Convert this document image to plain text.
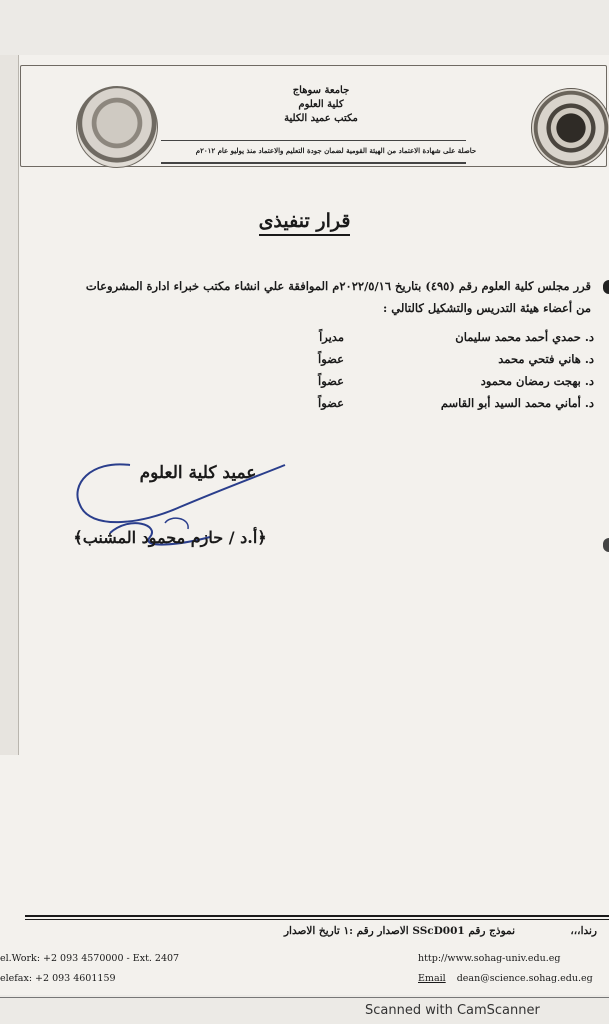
جامعة سوهاج
كلية العلوم
مكتب عميد الكلية
حاصلة على شهادة الاعتماد من الهيئة القومية لضمان جودة التعليم والاعتماد منذ يوليو عام ٢٠١٢م
قرار تنفيذى
قرر مجلس كلية العلوم رقم (٤٩٥) بتاريخ ٢٠٢٢/٥/١٦م الموافقة علي انشاء مكتب خبراء ادارة المشروعات
من أعضاء هيئة التدريس والتشكيل كالتالي :
د. حمدي أحمد محمد سليمان
مديراً
د. هاني فتحي محمد
عضواً
د. بهجت رمضان محمود
عضواً
د. أماني محمد السيد أبو القاسم
عضواً
عميد كلية العلوم
﴿أ.د / حازم محمود المشنب﴾
رندا،،،
نموذج رقم SScD001 الاصدار رقم :١ تاريخ الاصدار
el.Work: +2 093 4570000 - Ext. 2407
elefax: +2 093 4601159
http://www.sohag-univ.edu.eg
Email dean@science.sohag.edu.eg
Scanned with CamScanner
